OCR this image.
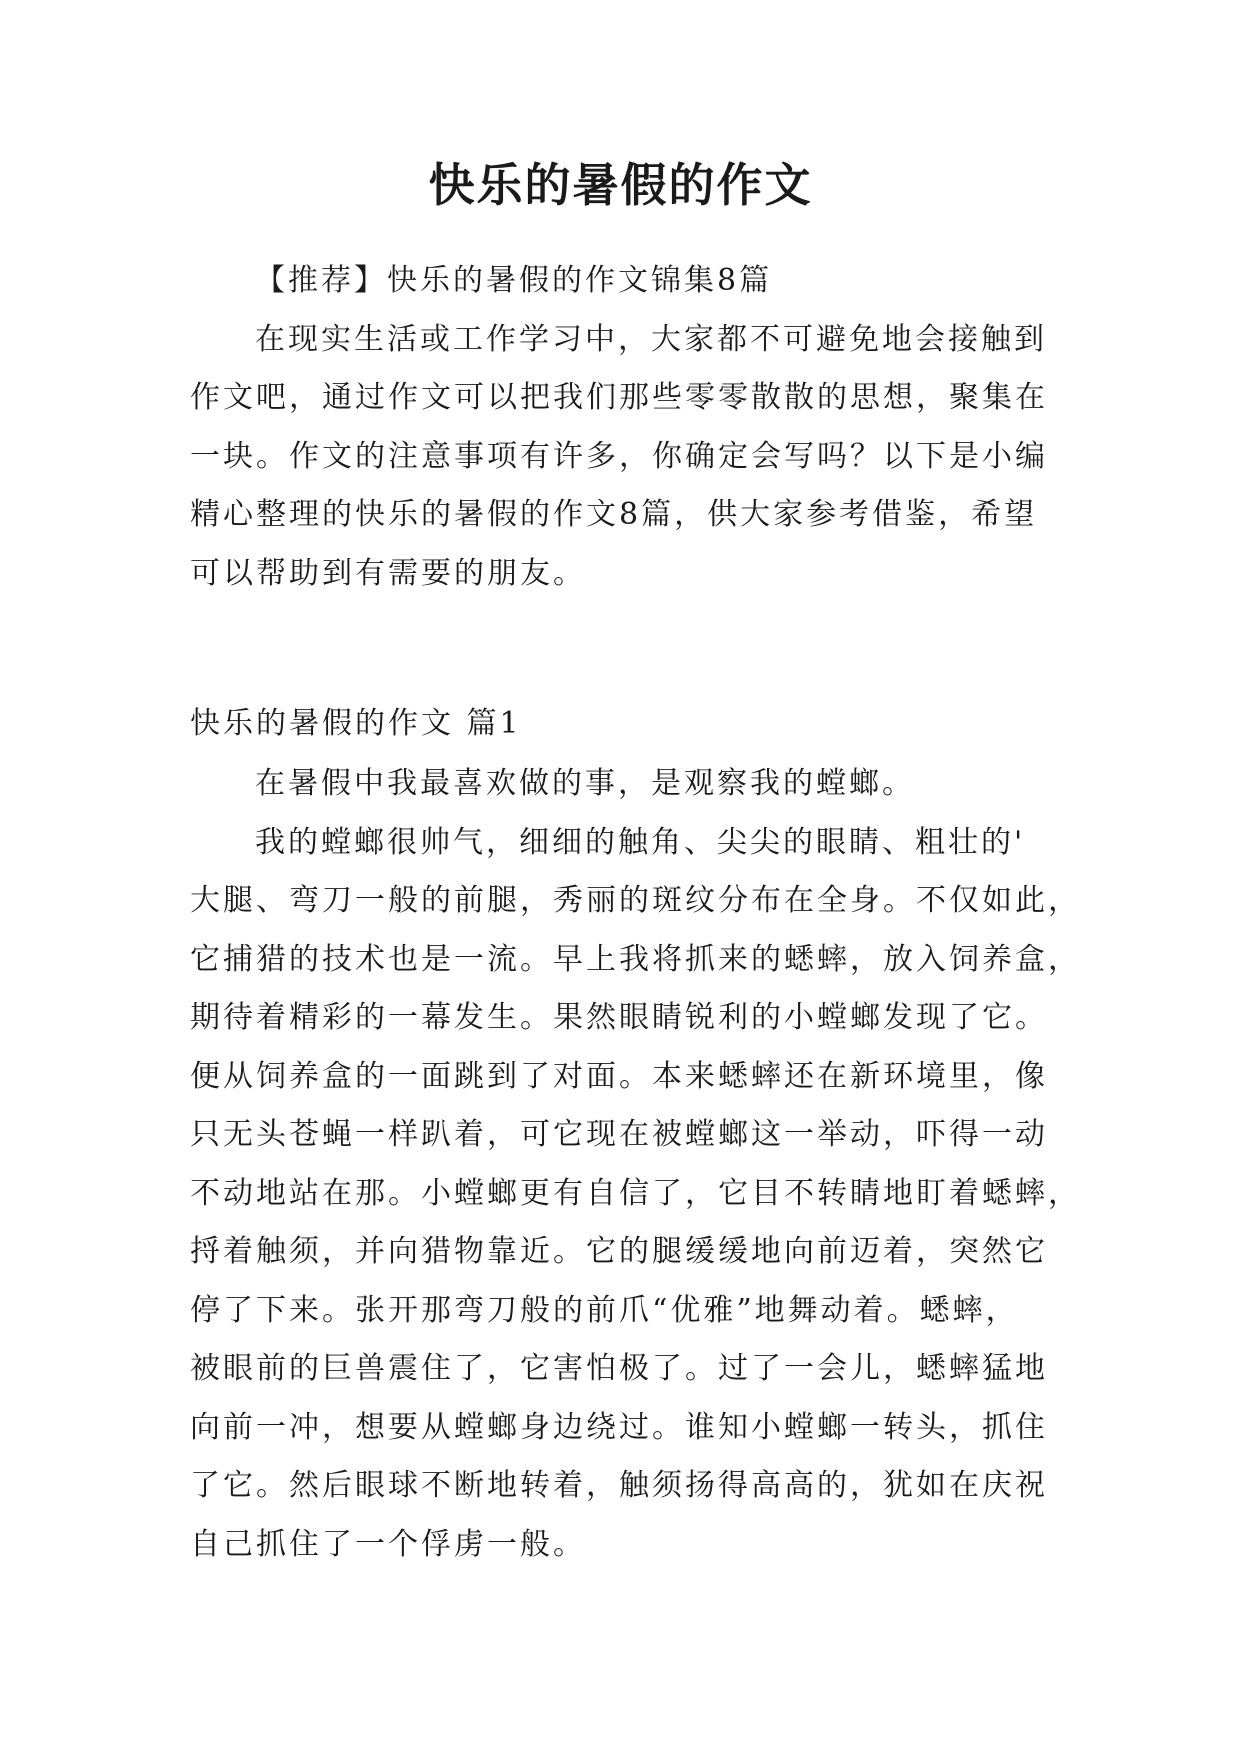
快乐的暑假的作文
【推荐】快乐的暑假的作文锦集8篇
在现实生活或工作学习中，大家都不可避免地会接触到
作文吧，通过作文可以把我们那些零零散散的思想，聚集在
一块。作文的注意事项有许多，你确定会写吗？以下是小编
精心整理的快乐的暑假的作文8篇，供大家参考借鉴，希望
可以帮助到有需要的朋友。
快乐的暑假的作文 篇1
在暑假中我最喜欢做的事，是观察我的螳螂。
我的螳螂很帅气，细细的触角、尖尖的眼睛、粗壮的'
大腿、弯刀一般的前腿，秀丽的斑纹分布在全身。不仅如此，
它捕猎的技术也是一流。早上我将抓来的蟋蟀，放入饲养盒，
期待着精彩的一幕发生。果然眼睛锐利的小螳螂发现了它。
便从饲养盒的一面跳到了对面。本来蟋蟀还在新环境里，像
只无头苍蝇一样趴着，可它现在被螳螂这一举动，吓得一动
不动地站在那。小螳螂更有自信了，它目不转睛地盯着蟋蟀，
捋着触须，并向猎物靠近。它的腿缓缓地向前迈着，突然它
停了下来。张开那弯刀般的前爪“优雅”地舞动着。蟋蟀，
被眼前的巨兽震住了，它害怕极了。过了一会儿，蟋蟀猛地
向前一冲，想要从螳螂身边绕过。谁知小螳螂一转头，抓住
了它。然后眼球不断地转着，触须扬得高高的，犹如在庆祝
自己抓住了一个俘虏一般。
